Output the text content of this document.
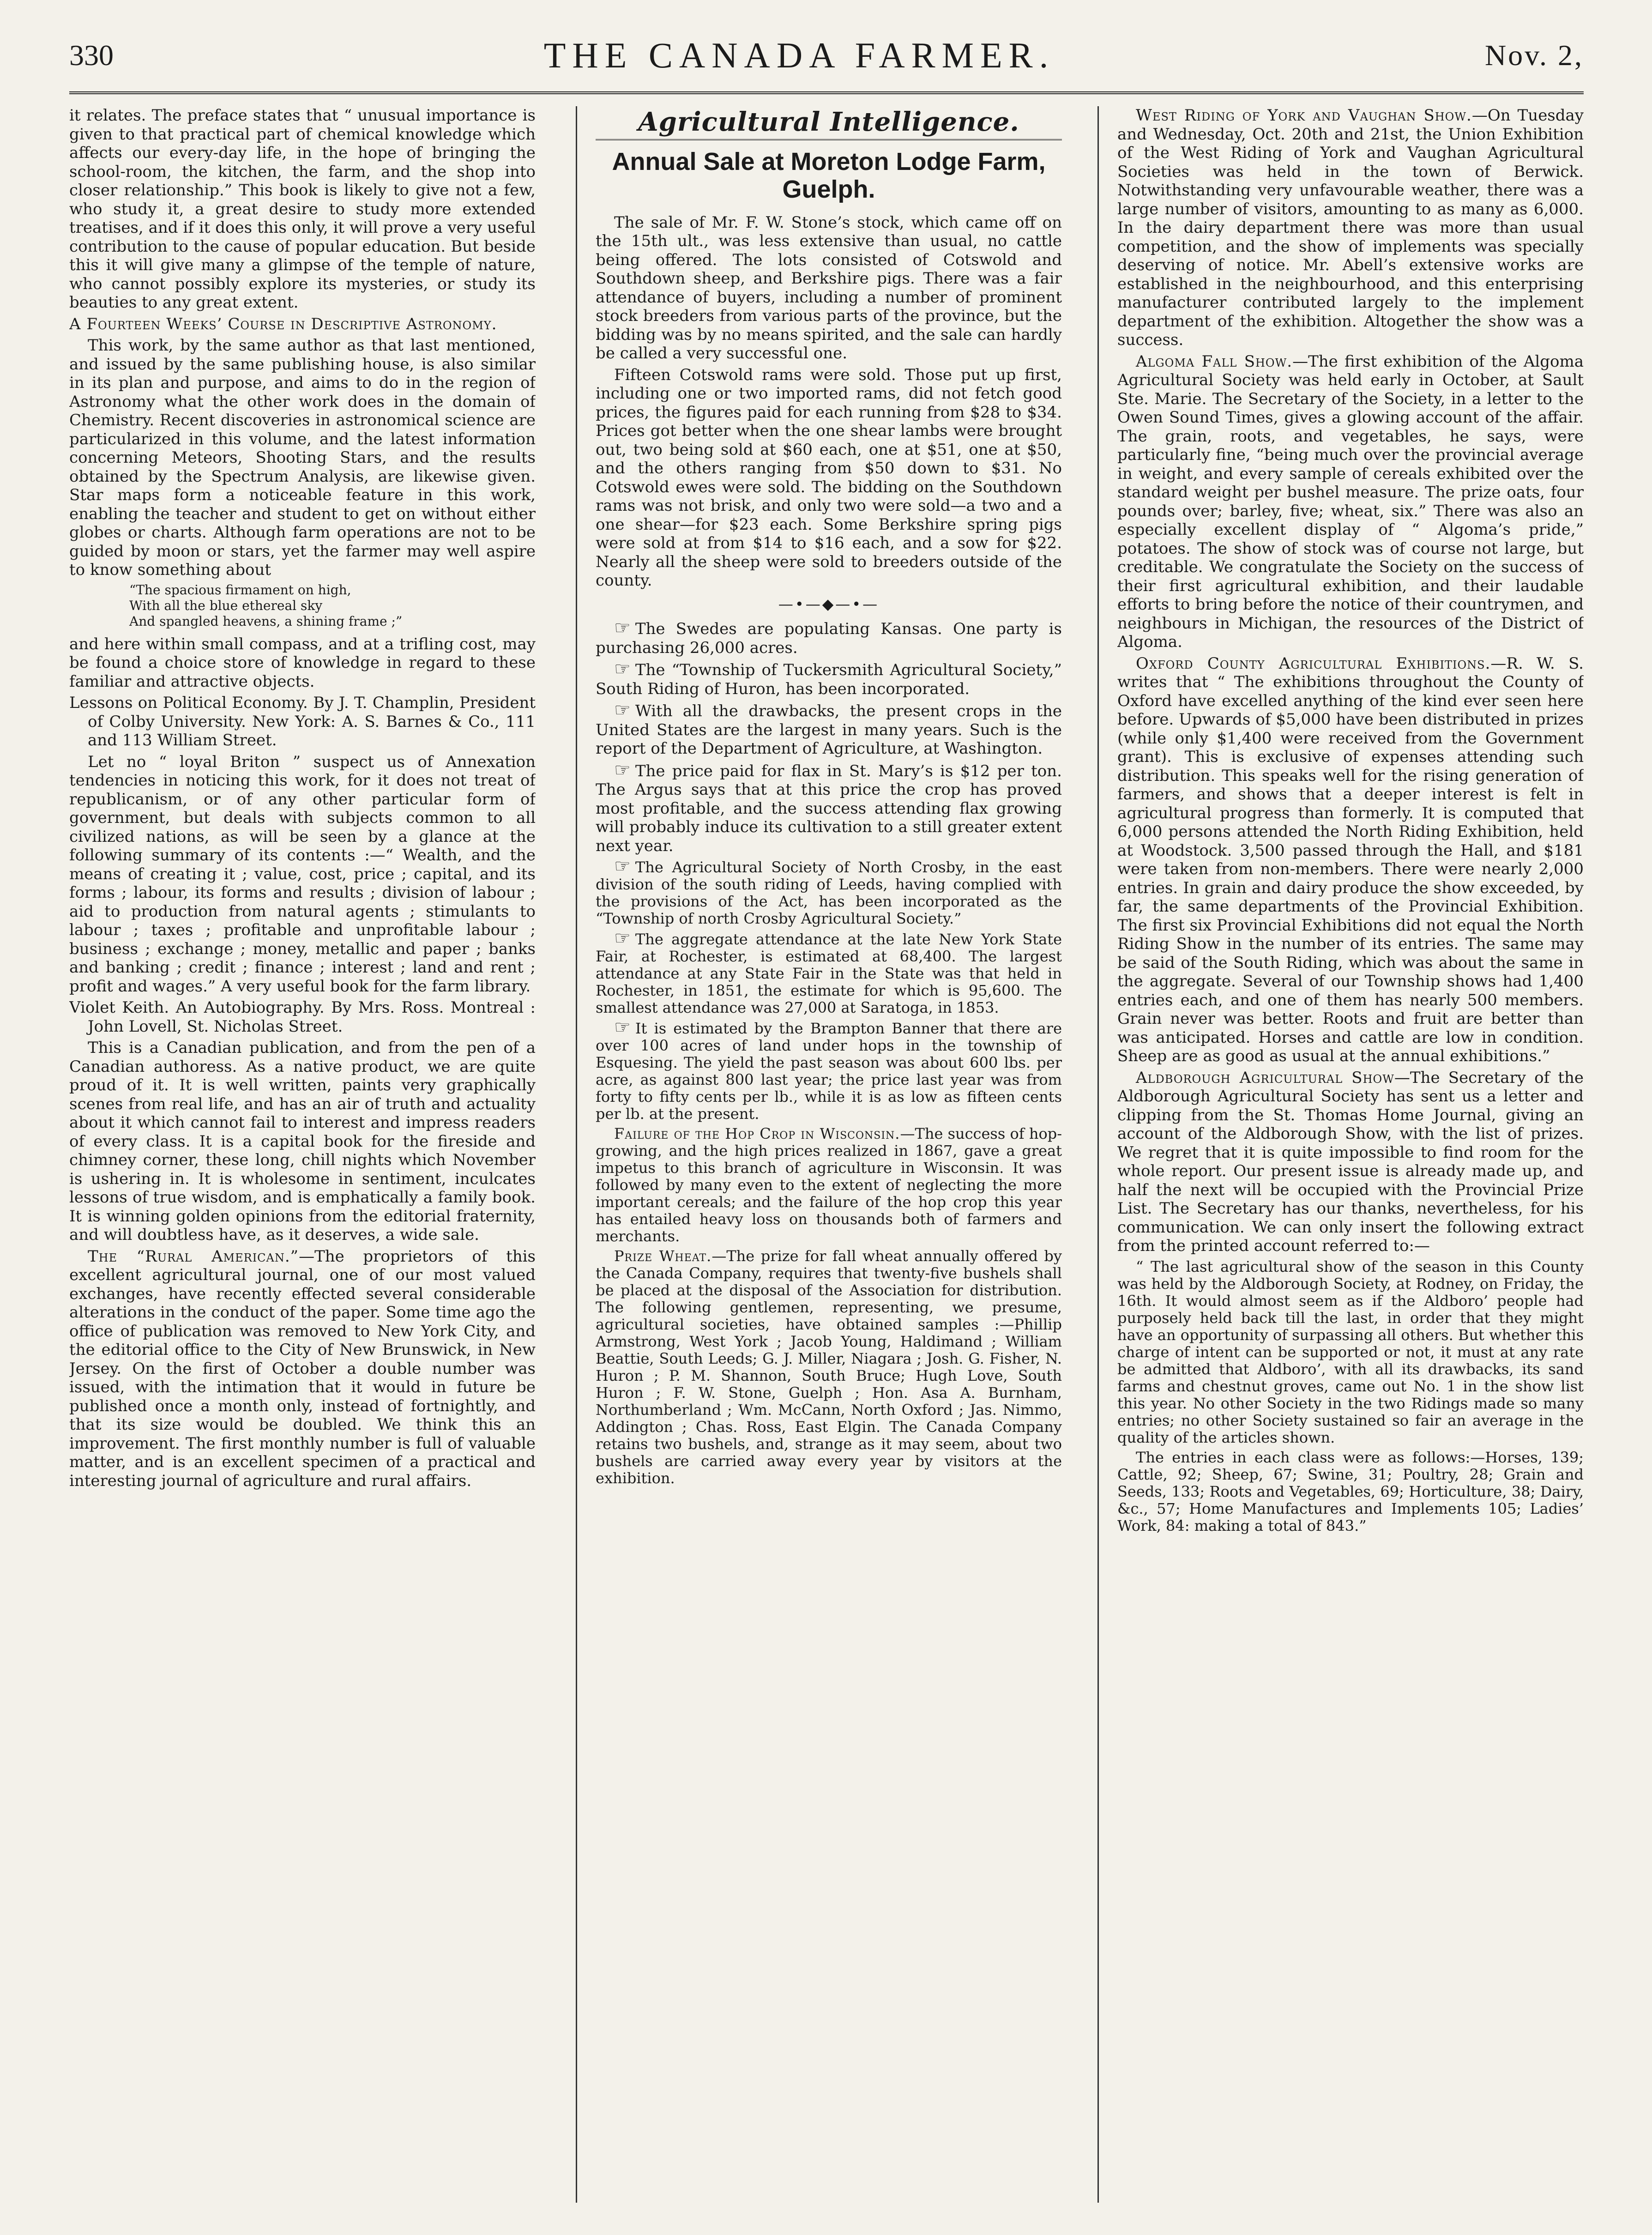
330	THE CANADA FARMER.	Nov. 2,

it relates. The preface states that “ unusual importance is given to that practical part of chemical knowledge which affects our every-day life, in the hope of bringing the school-room, the kitchen, the farm, and the shop into closer relationship.” This book is likely to give not a few, who study it, a great desire to study more extended treatises, and if it does this only, it will prove a very useful contribution to the cause of popular education. But beside this it will give many a glimpse of the temple of nature, who cannot possibly explore its mysteries, or study its beauties to any great extent.

A Fourteen Weeks’ Course in Descriptive Astronomy.

This work, by the same author as that last mentioned, and issued by the same publishing house, is also similar in its plan and purpose, and aims to do in the region of Astronomy what the other work does in the domain of Chemistry. Recent discoveries in astronomical science are particularized in this volume, and the latest information concerning Meteors, Shooting Stars, and the results obtained by the Spectrum Analysis, are likewise given. Star maps form a noticeable feature in this work, enabling the teacher and student to get on without either globes or charts. Although farm operations are not to be guided by moon or stars, yet the farmer may well aspire to know something about

“The spacious firmament on high,
With all the blue ethereal sky
And spangled heavens, a shining frame ;”

and here within small compass, and at a trifling cost, may be found a choice store of knowledge in regard to these familiar and attractive objects.

Lessons on Political Economy. By J. T. Champlin, President of Colby University. New York: A. S. Barnes & Co., 111 and 113 William Street.

Let no “ loyal Briton ” suspect us of Annexation tendencies in noticing this work, for it does not treat of republicanism, or of any other particular form of government, but deals with subjects common to all civilized nations, as will be seen by a glance at the following summary of its contents :—“ Wealth, and the means of creating it ; value, cost, price ; capital, and its forms ; labour, its forms and results ; division of labour ; aid to production from natural agents ; stimulants to labour ; taxes ; profitable and unprofitable labour ; business ; exchange ; money, metallic and paper ; banks and banking ; credit ; finance ; interest ; land and rent ; profit and wages.” A very useful book for the farm library.

Violet Keith. An Autobiography. By Mrs. Ross. Montreal : John Lovell, St. Nicholas Street.

This is a Canadian publication, and from the pen of a Canadian authoress. As a native product, we are quite proud of it. It is well written, paints very graphically scenes from real life, and has an air of truth and actuality about it which cannot fail to interest and impress readers of every class. It is a capital book for the fireside and chimney corner, these long, chill nights which November is ushering in. It is wholesome in sentiment, inculcates lessons of true wisdom, and is emphatically a family book. It is winning golden opinions from the editorial fraternity, and will doubtless have, as it deserves, a wide sale.

The “Rural American.”—The proprietors of this excellent agricultural journal, one of our most valued exchanges, have recently effected several considerable alterations in the conduct of the paper. Some time ago the office of publication was removed to New York City, and the editorial office to the City of New Brunswick, in New Jersey. On the first of October a double number was issued, with the intimation that it would in future be published once a month only, instead of fortnightly, and that its size would be doubled. We think this an improvement. The first monthly number is full of valuable matter, and is an excellent specimen of a practical and interesting journal of agriculture and rural affairs.

Agricultural Intelligence.
Annual Sale at Moreton Lodge Farm, Guelph.

The sale of Mr. F. W. Stone’s stock, which came off on the 15th ult., was less extensive than usual, no cattle being offered. The lots consisted of Cotswold and Southdown sheep, and Berkshire pigs. There was a fair attendance of buyers, including a number of prominent stock breeders from various parts of the province, but the bidding was by no means spirited, and the sale can hardly be called a very successful one.

Fifteen Cotswold rams were sold. Those put up first, including one or two imported rams, did not fetch good prices, the figures paid for each running from $28 to $34. Prices got better when the one shear lambs were brought out, two being sold at $60 each, one at $51, one at $50, and the others ranging from $50 down to $31. No Cotswold ewes were sold. The bidding on the Southdown rams was not brisk, and only two were sold—a two and a one shear—for $23 each. Some Berkshire spring pigs were sold at from $14 to $16 each, and a sow for $22. Nearly all the sheep were sold to breeders outside of the county.

—•—◆—•—

☞ The Swedes are populating Kansas. One party is purchasing 26,000 acres.

☞ The “Township of Tuckersmith Agricultural Society,” South Riding of Huron, has been incorporated.

☞ With all the drawbacks, the present crops in the United States are the largest in many years. Such is the report of the Department of Agriculture, at Washington.

☞ The price paid for flax in St. Mary’s is $12 per ton. The Argus says that at this price the crop has proved most profitable, and the success attending flax growing will probably induce its cultivation to a still greater extent next year.

☞ The Agricultural Society of North Crosby, in the east division of the south riding of Leeds, having complied with the provisions of the Act, has been incorporated as the “Township of north Crosby Agricultural Society.”

☞ The aggregate attendance at the late New York State Fair, at Rochester, is estimated at 68,400. The largest attendance at any State Fair in the State was that held in Rochester, in 1851, the estimate for which is 95,600. The smallest attendance was 27,000 at Saratoga, in 1853.

☞ It is estimated by the Brampton Banner that there are over 100 acres of land under hops in the township of Esquesing. The yield the past season was about 600 lbs. per acre, as against 800 last year; the price last year was from forty to fifty cents per lb., while it is as low as fifteen cents per lb. at the present.

Failure of the Hop Crop in Wisconsin.—The success of hop-growing, and the high prices realized in 1867, gave a great impetus to this branch of agriculture in Wisconsin. It was followed by many even to the extent of neglecting the more important cereals; and the failure of the hop crop this year has entailed heavy loss on thousands both of farmers and merchants.

Prize Wheat.—The prize for fall wheat annually offered by the Canada Company, requires that twenty-five bushels shall be placed at the disposal of the Association for distribution. The following gentlemen, representing, we presume, agricultural societies, have obtained samples :—Phillip Armstrong, West York ; Jacob Young, Haldimand ; William Beattie, South Leeds; G. J. Miller, Niagara ; Josh. G. Fisher, N. Huron ; P. M. Shannon, South Bruce; Hugh Love, South Huron ; F. W. Stone, Guelph ; Hon. Asa A. Burnham, Northumberland ; Wm. McCann, North Oxford ; Jas. Nimmo, Addington ; Chas. Ross, East Elgin. The Canada Company retains two bushels, and, strange as it may seem, about two bushels are carried away every year by visitors at the exhibition.

West Riding of York and Vaughan Show.—On Tuesday and Wednesday, Oct. 20th and 21st, the Union Exhibition of the West Riding of York and Vaughan Agricultural Societies was held in the town of Berwick. Notwithstanding very unfavourable weather, there was a large number of visitors, amounting to as many as 6,000. In the dairy department there was more than usual competition, and the show of implements was specially deserving of notice. Mr. Abell’s extensive works are established in the neighbourhood, and this enterprising manufacturer contributed largely to the implement department of the exhibition. Altogether the show was a success.

Algoma Fall Show.—The first exhibition of the Algoma Agricultural Society was held early in October, at Sault Ste. Marie. The Secretary of the Society, in a letter to the Owen Sound Times, gives a glowing account of the affair. The grain, roots, and vegetables, he says, were particularly fine, “being much over the provincial average in weight, and every sample of cereals exhibited over the standard weight per bushel measure. The prize oats, four pounds over; barley, five; wheat, six.” There was also an especially excellent display of “ Algoma’s pride,” potatoes. The show of stock was of course not large, but creditable. We congratulate the Society on the success of their first agricultural exhibition, and their laudable efforts to bring before the notice of their countrymen, and neighbours in Michigan, the resources of the District of Algoma.

Oxford County Agricultural Exhibitions.—R. W. S. writes that “ The exhibitions throughout the County of Oxford have excelled anything of the kind ever seen here before. Upwards of $5,000 have been distributed in prizes (while only $1,400 were received from the Government grant). This is exclusive of expenses attending such distribution. This speaks well for the rising generation of farmers, and shows that a deeper interest is felt in agricultural progress than formerly. It is computed that 6,000 persons attended the North Riding Exhibition, held at Woodstock. 3,500 passed through the Hall, and $181 were taken from non-members. There were nearly 2,000 entries. In grain and dairy produce the show exceeded, by far, the same departments of the Provincial Exhibition. The first six Provincial Exhibitions did not equal the North Riding Show in the number of its entries. The same may be said of the South Riding, which was about the same in the aggregate. Several of our Township shows had 1,400 entries each, and one of them has nearly 500 members. Grain never was better. Roots and fruit are better than was anticipated. Horses and cattle are low in condition. Sheep are as good as usual at the annual exhibitions.”

Aldborough Agricultural Show—The Secretary of the Aldborough Agricultural Society has sent us a letter and clipping from the St. Thomas Home Journal, giving an account of the Aldborough Show, with the list of prizes. We regret that it is quite impossible to find room for the whole report. Our present issue is already made up, and half the next will be occupied with the Provincial Prize List. The Secretary has our thanks, nevertheless, for his communication. We can only insert the following extract from the printed account referred to:—

“ The last agricultural show of the season in this County was held by the Aldborough Society, at Rodney, on Friday, the 16th. It would almost seem as if the Aldboro’ people had purposely held back till the last, in order that they might have an opportunity of surpassing all others. But whether this charge of intent can be supported or not, it must at any rate be admitted that Aldboro’, with all its drawbacks, its sand farms and chestnut groves, came out No. 1 in the show list this year. No other Society in the two Ridings made so many entries; no other Society sustained so fair an average in the quality of the articles shown.

The entries in each class were as follows:—Horses, 139; Cattle, 92; Sheep, 67; Swine, 31; Poultry, 28; Grain and Seeds, 133; Roots and Vegetables, 69; Horticulture, 38; Dairy, &c., 57; Home Manufactures and Implements 105; Ladies’ Work, 84: making a total of 843.”
